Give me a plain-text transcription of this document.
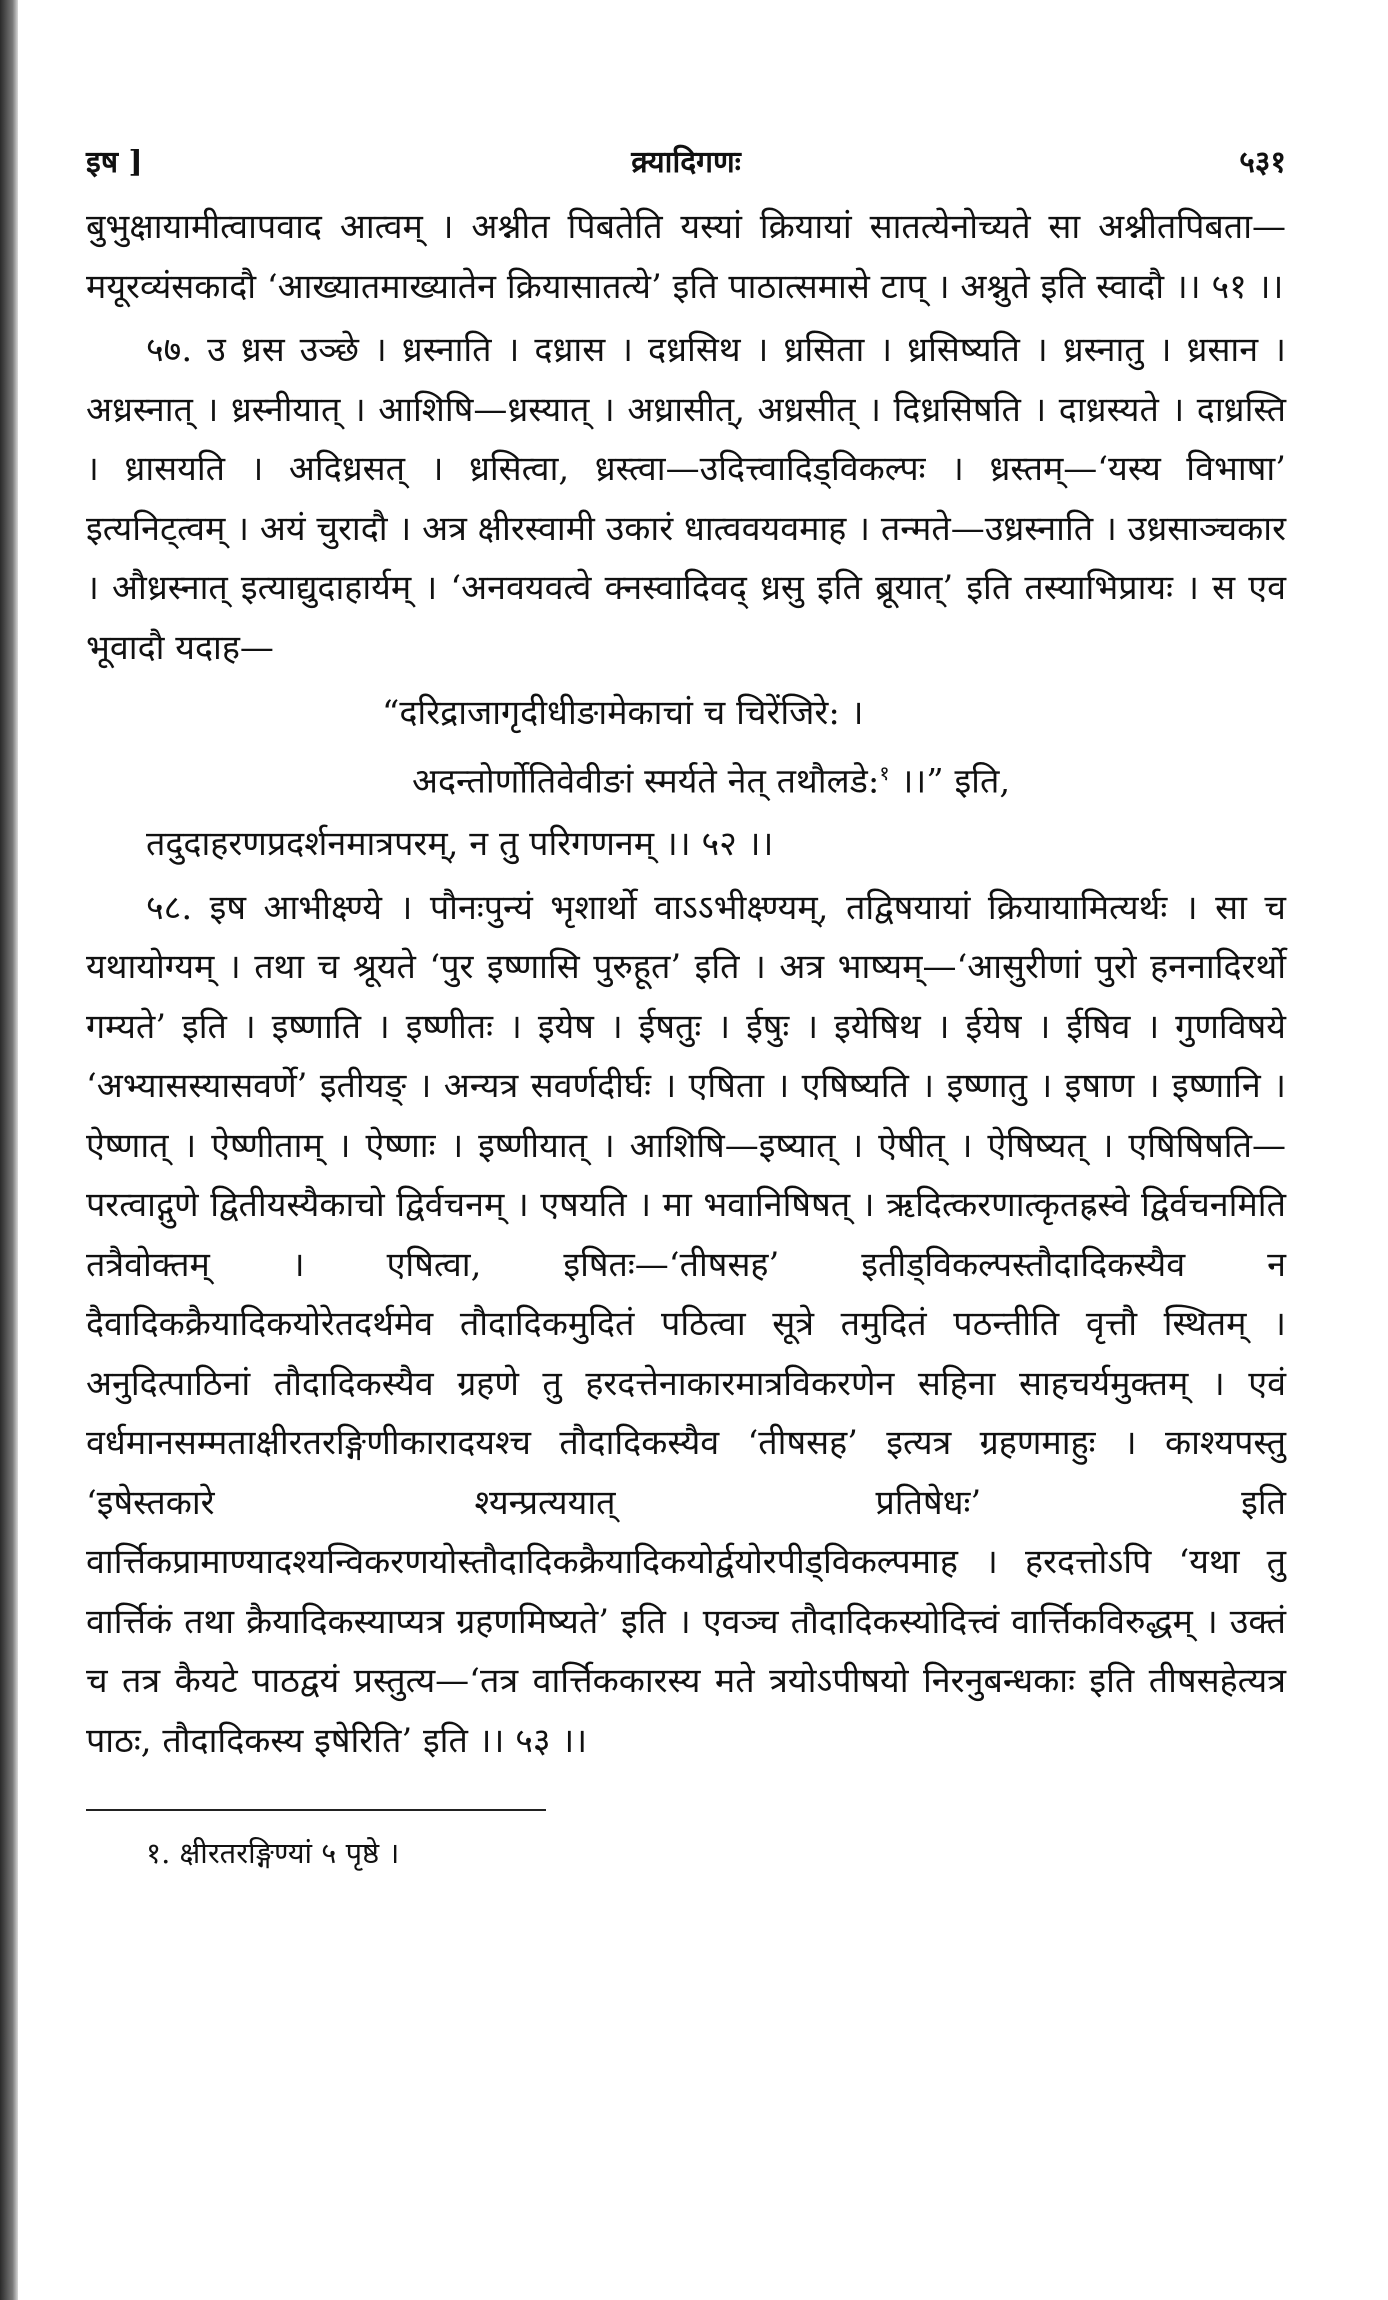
इष ]	क्र्यादिगणः	५३१

बुभुक्षायामीत्वापवाद आत्वम् । अश्नीत पिबतेति यस्यां क्रियायां सातत्येनोच्यते सा अश्नीतपिबता—मयूरव्यंसकादौ ‘आख्यातमाख्यातेन क्रियासातत्ये’ इति पाठात्समासे टाप् । अश्नुते इति स्वादौ ।। ५१ ।।

५७. उ ध्रस उञ्छे । ध्रस्नाति । दध्रास । दध्रसिथ । ध्रसिता । ध्रसिष्यति । ध्रस्नातु । ध्रसान । अध्रस्नात् । ध्रस्नीयात् । आशिषि—ध्रस्यात् । अध्रासीत्, अध्रसीत् । दिध्रसिषति । दाध्रस्यते । दाध्रस्ति । ध्रासयति । अदिध्रसत् । ध्रसित्वा, ध्रस्त्वा—उदित्त्वादिड्विकल्पः । ध्रस्तम्—‘यस्य विभाषा’ इत्यनिट्त्वम् । अयं चुरादौ । अत्र क्षीरस्वामी उकारं धात्ववयवमाह । तन्मते—उध्रस्नाति । उध्रसाञ्चकार । औध्रस्नात् इत्याद्युदाहार्यम् । ‘अनवयवत्वे क्नस्वादिवद् ध्रसु इति ब्रूयात्’ इति तस्याभिप्रायः । स एव भूवादौ यदाह—

“दरिद्राजागृदीधीङामेकाचां च चिरेंजिरे: ।
अदन्तोर्णोतिवेवीङां स्मर्यते नेत् तथौलडे:$^१$ ।।” इति,

तदुदाहरणप्रदर्शनमात्रपरम्, न तु परिगणनम् ।। ५२ ।।

५८. इष आभीक्ष्ण्ये । पौनःपुन्यं भृशार्थो वाऽऽभीक्ष्ण्यम्, तद्विषयायां क्रियायामित्यर्थः । सा च यथायोग्यम् । तथा च श्रूयते ‘पुर इष्णासि पुरुहूत’ इति । अत्र भाष्यम्—‘आसुरीणां पुरो हननादिरर्थो गम्यते’ इति । इष्णाति । इष्णीतः । इयेष । ईषतुः । ईषुः । इयेषिथ । ईयेष । ईषिव । गुणविषये ‘अभ्यासस्यासवर्णे’ इतीयङ् । अन्यत्र सवर्णदीर्घः । एषिता । एषिष्यति । इष्णातु । इषाण । इष्णानि । ऐष्णात् । ऐष्णीताम् । ऐष्णाः । इष्णीयात् । आशिषि—इष्यात् । ऐषीत् । ऐषिष्यत् । एषिषिषति—परत्वाद्गुणे द्वितीयस्यैकाचो द्विर्वचनम् । एषयति । मा भवानिषिषत् । ऋदित्करणात्कृतह्रस्वे द्विर्वचनमिति तत्रैवोक्तम् । एषित्वा, इषितः—‘तीषसह’ इतीड्विकल्पस्तौदादिकस्यैव न दैवादिकक्रैयादिकयोरेतदर्थमेव तौदादिकमुदितं पठित्वा सूत्रे तमुदितं पठन्तीति वृत्तौ स्थितम् । अनुदित्पाठिनां तौदादिकस्यैव ग्रहणे तु हरदत्तेनाकारमात्रविकरणेन सहिना साहचर्यमुक्तम् । एवं वर्धमानसम्मताक्षीरतरङ्गिणीकारादयश्च तौदादिकस्यैव ‘तीषसह’ इत्यत्र ग्रहणमाहुः । काश्यपस्तु ‘इषेस्तकारे श्यन्प्रत्ययात् प्रतिषेधः’ इति वार्त्तिकप्रामाण्यादश्यन्विकरणयोस्तौदादिकक्रैयादिकयोर्द्वयोरपीड्विकल्पमाह । हरदत्तोऽपि ‘यथा तु वार्त्तिकं तथा क्रैयादिकस्याप्यत्र ग्रहणमिष्यते’ इति । एवञ्च तौदादिकस्योदित्त्वं वार्त्तिकविरुद्धम् । उक्तं च तत्र कैयटे पाठद्वयं प्रस्तुत्य—‘तत्र वार्त्तिककारस्य मते त्रयोऽपीषयो निरनुबन्धकाः इति तीषसहेत्यत्र पाठः, तौदादिकस्य इषेरिति’ इति ।। ५३ ।।

१. क्षीरतरङ्गिण्यां ५ पृष्ठे ।
